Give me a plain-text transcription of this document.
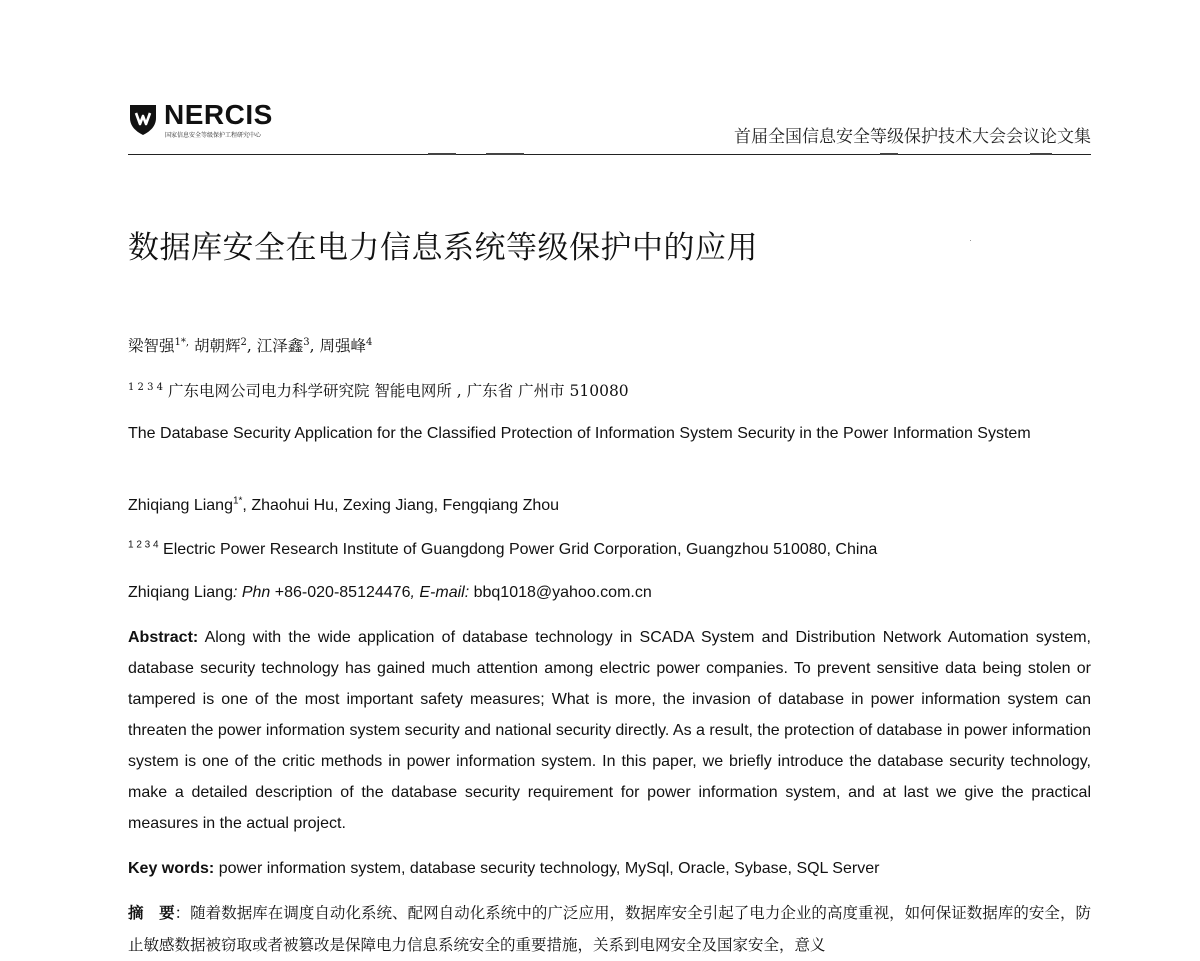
NERCIS
国家信息安全等级保护工程研究中心	首届全国信息安全等级保护技术大会会议论文集
数据库安全在电力信息系统等级保护中的应用
梁智强$^{1*,}$ 胡朝辉$^2$, 江泽鑫$^3$, 周强峰$^4$
$^{1 2 3 4}$ 广东电网公司电力科学研究院 智能电网所 , 广东省 广州市 510080
The Database Security Application for the Classified Protection of Information System Security in the Power Information System
Zhiqiang Liang$^{1*}$, Zhaohui Hu, Zexing Jiang, Fengqiang Zhou
$^{1 2 3 4}$ Electric Power Research Institute of Guangdong Power Grid Corporation, Guangzhou 510080, China
Zhiqiang Liang: Phn +86-020-85124476, E-mail: bbq1018@yahoo.com.cn
Abstract: Along with the wide application of database technology in SCADA System and Distribution Network Automation system, database security technology has gained much attention among electric power companies. To prevent sensitive data being stolen or tampered is one of the most important safety measures; What is more, the invasion of database in power information system can threaten the power information system security and national security directly. As a result, the protection of database in power information system is one of the critic methods in power information system. In this paper, we briefly introduce the database security technology, make a detailed description of the database security requirement for power information system, and at last we give the practical measures in the actual project.
Key words: power information system, database security technology, MySql, Oracle, Sybase, SQL Server
摘　要：随着数据库在调度自动化系统、配网自动化系统中的广泛应用，数据库安全引起了电力企业的高度重视，如何保证数据库的安全，防止敏感数据被窃取或者被篡改是保障电力信息系统安全的重要措施，关系到电网安全及国家安全，意义
